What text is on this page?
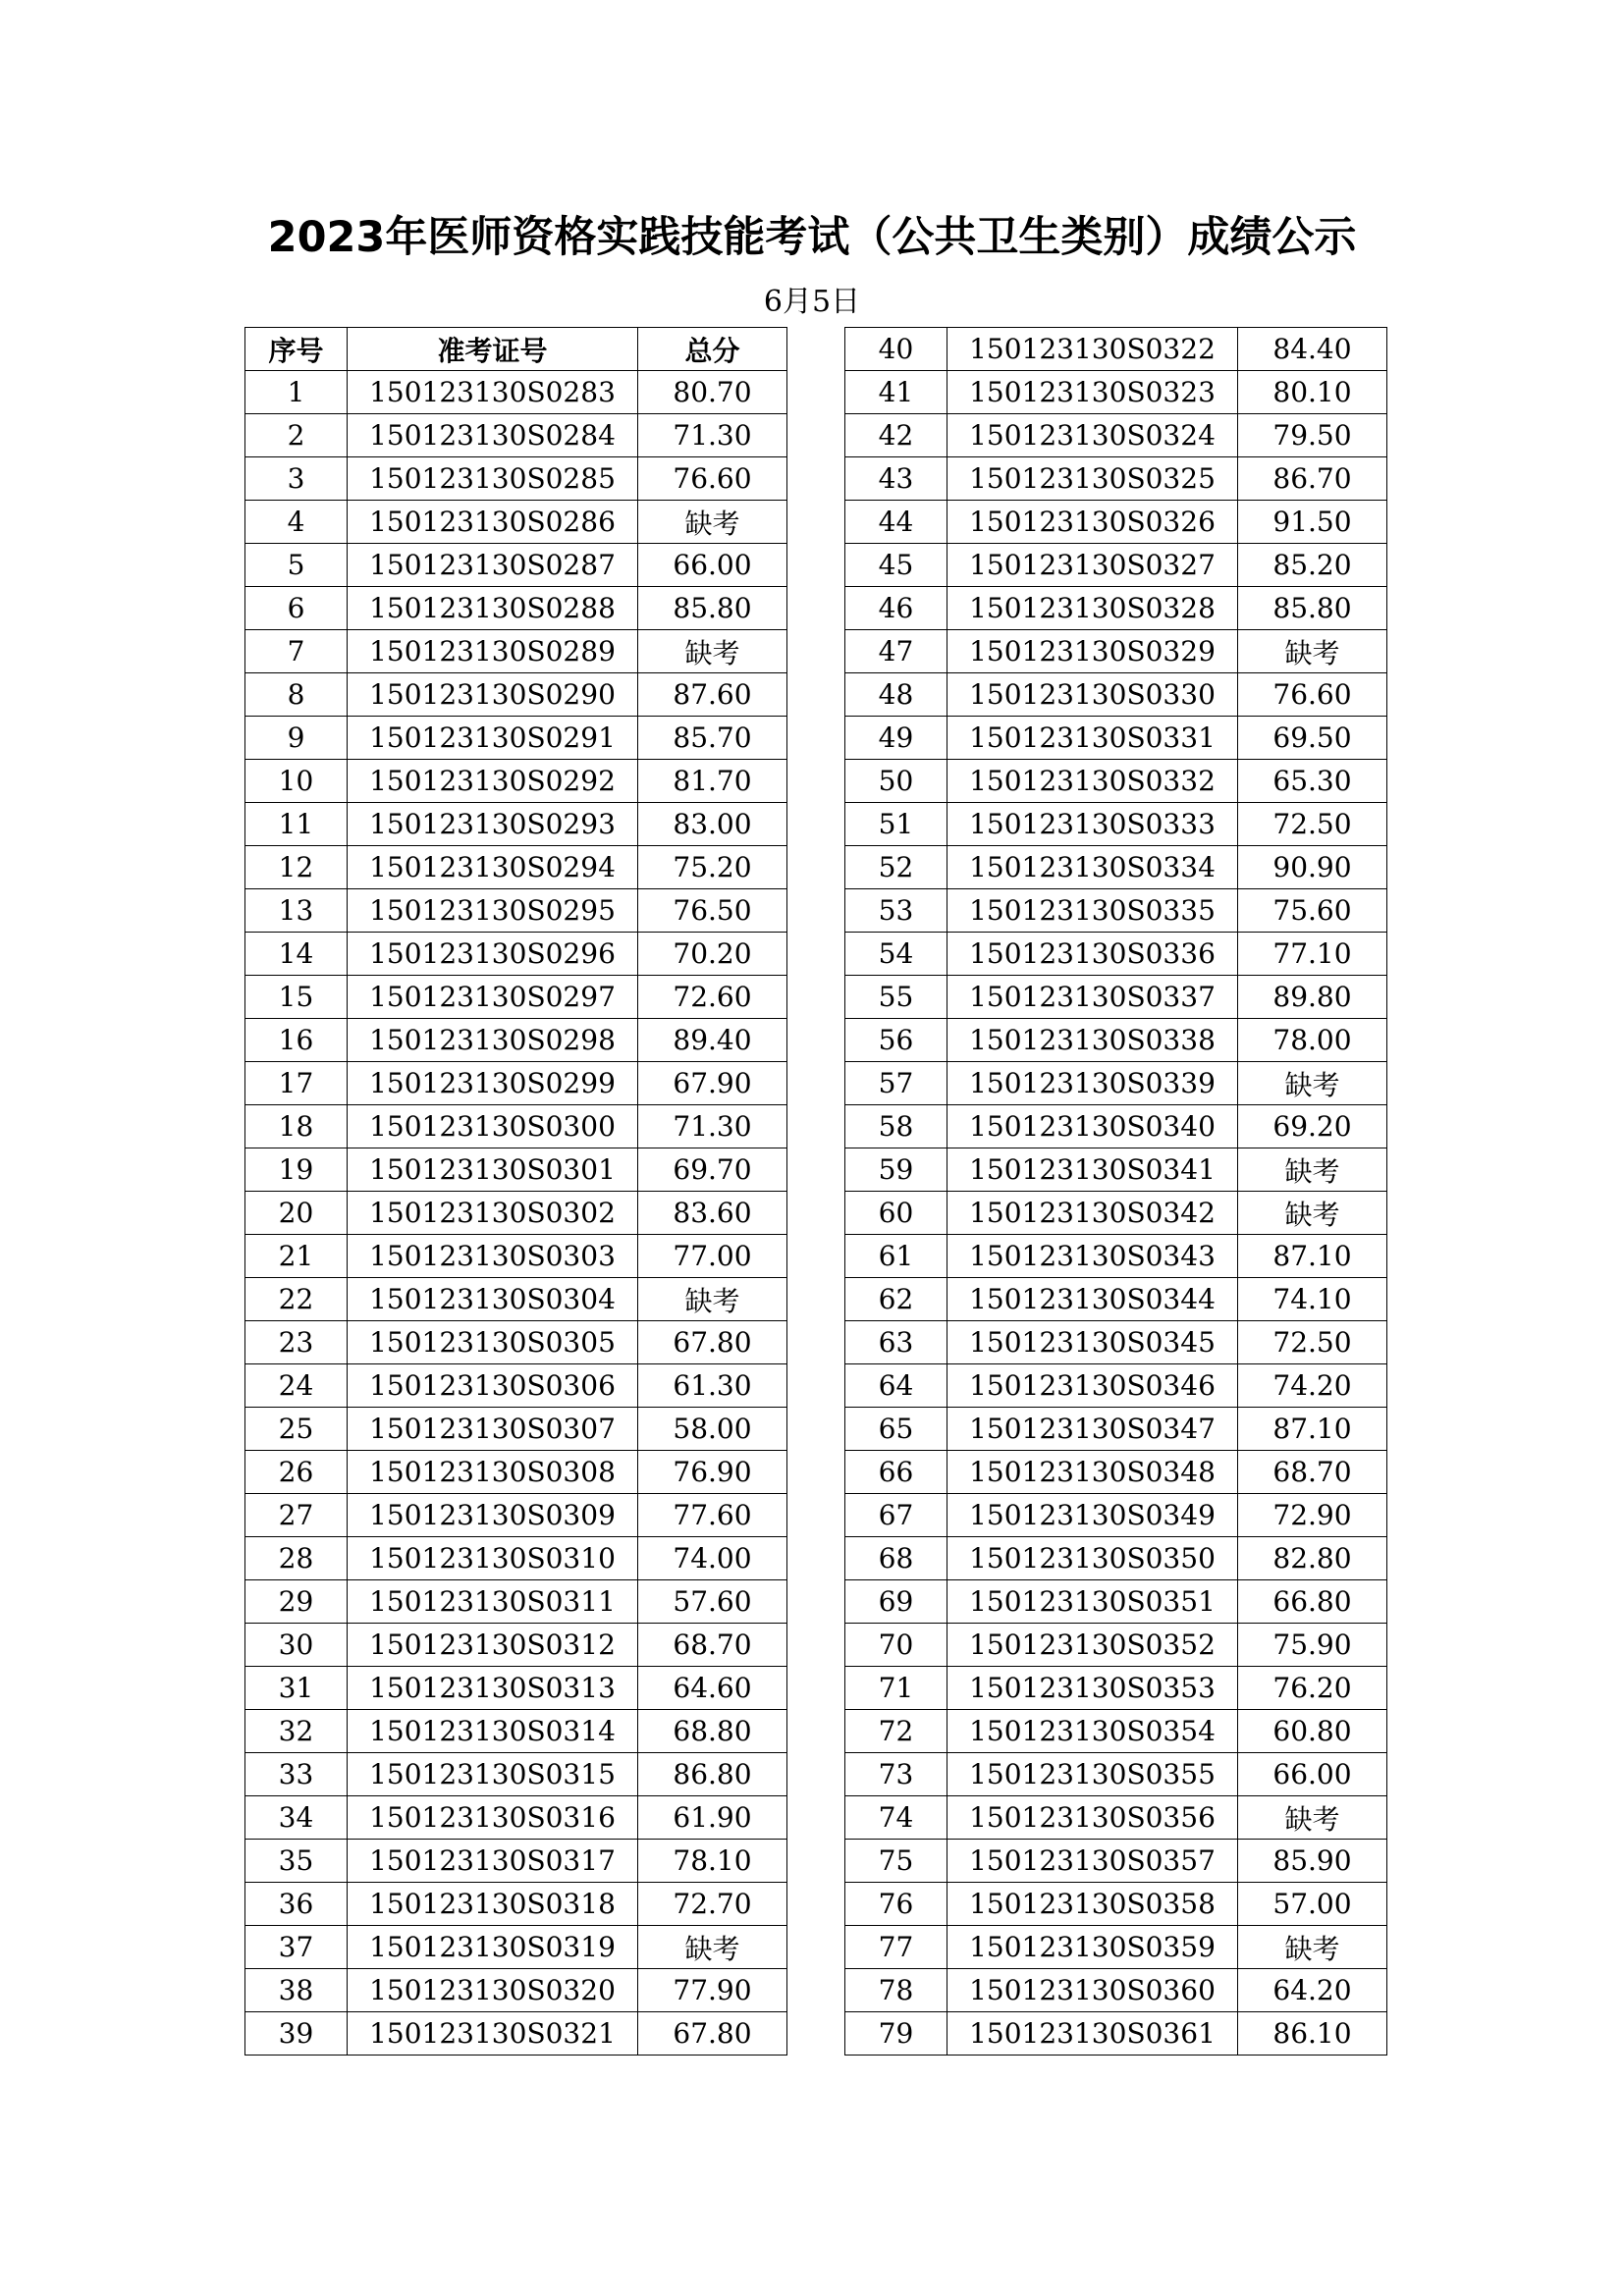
2023年医师资格实践技能考试（公共卫生类别）成绩公示
6月5日
序号	准考证号	总分
1	150123130S0283	80.70
2	150123130S0284	71.30
3	150123130S0285	76.60
4	150123130S0286	缺考
5	150123130S0287	66.00
6	150123130S0288	85.80
7	150123130S0289	缺考
8	150123130S0290	87.60
9	150123130S0291	85.70
10	150123130S0292	81.70
11	150123130S0293	83.00
12	150123130S0294	75.20
13	150123130S0295	76.50
14	150123130S0296	70.20
15	150123130S0297	72.60
16	150123130S0298	89.40
17	150123130S0299	67.90
18	150123130S0300	71.30
19	150123130S0301	69.70
20	150123130S0302	83.60
21	150123130S0303	77.00
22	150123130S0304	缺考
23	150123130S0305	67.80
24	150123130S0306	61.30
25	150123130S0307	58.00
26	150123130S0308	76.90
27	150123130S0309	77.60
28	150123130S0310	74.00
29	150123130S0311	57.60
30	150123130S0312	68.70
31	150123130S0313	64.60
32	150123130S0314	68.80
33	150123130S0315	86.80
34	150123130S0316	61.90
35	150123130S0317	78.10
36	150123130S0318	72.70
37	150123130S0319	缺考
38	150123130S0320	77.90
39	150123130S0321	67.80
40	150123130S0322	84.40
41	150123130S0323	80.10
42	150123130S0324	79.50
43	150123130S0325	86.70
44	150123130S0326	91.50
45	150123130S0327	85.20
46	150123130S0328	85.80
47	150123130S0329	缺考
48	150123130S0330	76.60
49	150123130S0331	69.50
50	150123130S0332	65.30
51	150123130S0333	72.50
52	150123130S0334	90.90
53	150123130S0335	75.60
54	150123130S0336	77.10
55	150123130S0337	89.80
56	150123130S0338	78.00
57	150123130S0339	缺考
58	150123130S0340	69.20
59	150123130S0341	缺考
60	150123130S0342	缺考
61	150123130S0343	87.10
62	150123130S0344	74.10
63	150123130S0345	72.50
64	150123130S0346	74.20
65	150123130S0347	87.10
66	150123130S0348	68.70
67	150123130S0349	72.90
68	150123130S0350	82.80
69	150123130S0351	66.80
70	150123130S0352	75.90
71	150123130S0353	76.20
72	150123130S0354	60.80
73	150123130S0355	66.00
74	150123130S0356	缺考
75	150123130S0357	85.90
76	150123130S0358	57.00
77	150123130S0359	缺考
78	150123130S0360	64.20
79	150123130S0361	86.10
